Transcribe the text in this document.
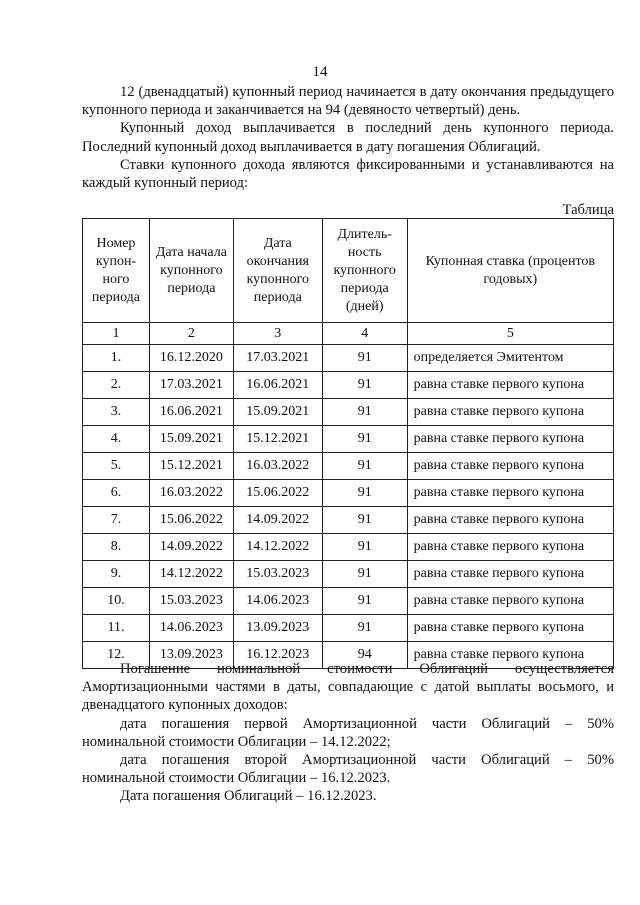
14

12 (двенадцатый) купонный период начинается в дату окончания предыдущего купонного периода и заканчивается на 94 (девяносто четвертый) день.

Купонный доход выплачивается в последний день купонного периода. Последний купонный доход выплачивается в дату погашения Облигаций.

Ставки купонного дохода являются фиксированными и устанавливаются на каждый купонный период:

Таблица
Номер купон-ного периода	Дата начала купонного периода	Дата окончания купонного периода	Длитель-ность купонного периода (дней)	Купонная ставка (процентов годовых)
1	2	3	4	5
1.	16.12.2020	17.03.2021	91	определяется Эмитентом
2.	17.03.2021	16.06.2021	91	равна ставке первого купона
3.	16.06.2021	15.09.2021	91	равна ставке первого купона
4.	15.09.2021	15.12.2021	91	равна ставке первого купона
5.	15.12.2021	16.03.2022	91	равна ставке первого купона
6.	16.03.2022	15.06.2022	91	равна ставке первого купона
7.	15.06.2022	14.09.2022	91	равна ставке первого купона
8.	14.09.2022	14.12.2022	91	равна ставке первого купона
9.	14.12.2022	15.03.2023	91	равна ставке первого купона
10.	15.03.2023	14.06.2023	91	равна ставке первого купона
11.	14.06.2023	13.09.2023	91	равна ставке первого купона
12.	13.09.2023	16.12.2023	94	равна ставке первого купона

Погашение номинальной стоимости Облигаций осуществляется Амортизационными частями в даты, совпадающие с датой выплаты восьмого, и двенадцатого купонных доходов:

дата погашения первой Амортизационной части Облигаций – 50% номинальной стоимости Облигации – 14.12.2022;

дата погашения второй Амортизационной части Облигаций – 50% номинальной стоимости Облигации – 16.12.2023.

Дата погашения Облигаций – 16.12.2023.
